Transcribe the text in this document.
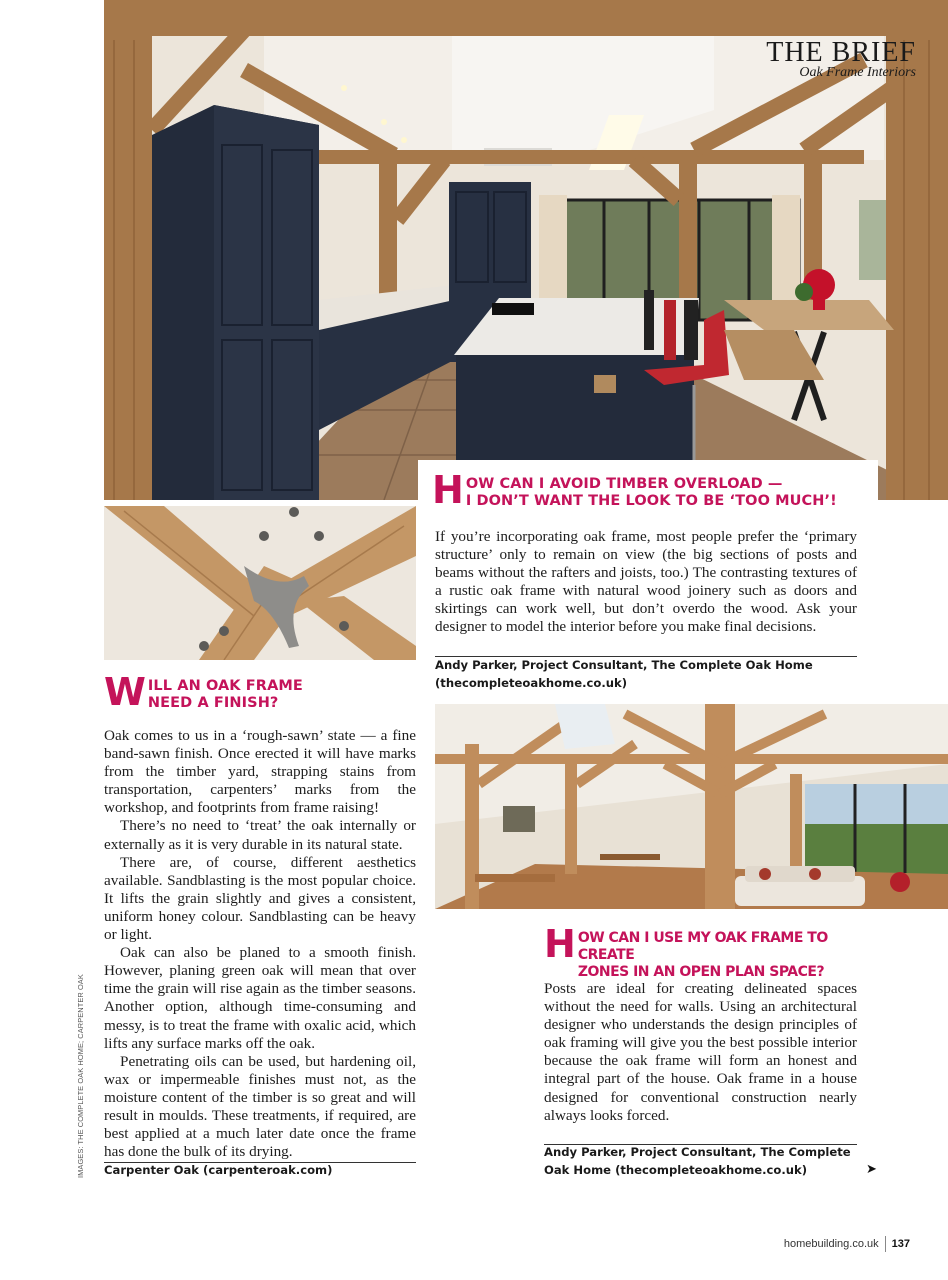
THE BRIEF
Oak Frame Interiors
H OW CAN I AVOID TIMBER OVERLOAD —
I DON’T WANT THE LOOK TO BE ‘TOO MUCH’!

If you’re incorporating oak frame, most people prefer the ‘primary structure’ only to remain on view (the big sections of posts and beams without the rafters and joists, too.) The contrasting textures of a rustic oak frame with natural wood joinery such as doors and skirtings can work well, but don’t overdo the wood. Ask your designer to model the interior before you make final decisions.

Andy Parker, Project Consultant, The Complete Oak Home
(thecompleteoakhome.co.uk)
W ILL AN OAK FRAME
NEED A FINISH?

Oak comes to us in a ‘rough-sawn’ state — a fine band-sawn finish. Once erected it will have marks from the timber yard, strapping stains from transportation, carpenters’ marks from the workshop, and footprints from frame raising!

There’s no need to ‘treat’ the oak internally or externally as it is very durable in its natural state.

There are, of course, different aesthetics available. Sandblasting is the most popular choice. It lifts the grain slightly and gives a consistent, uniform honey colour. Sandblasting can be heavy or light.

Oak can also be planed to a smooth finish. However, planing green oak will mean that over time the grain will rise again as the timber seasons. Another option, although time-consuming and messy, is to treat the frame with oxalic acid, which lifts any surface marks off the oak.

Penetrating oils can be used, but hardening oil, wax or impermeable finishes must not, as the moisture content of the timber is so great and will result in moulds. These treatments, if required, are best applied at a much later date once the frame has done the bulk of its drying.

Carpenter Oak (carpenteroak.com)
H OW CAN I USE MY OAK FRAME TO CREATE
ZONES IN AN OPEN PLAN SPACE?

Posts are ideal for creating delineated spaces without the need for walls. Using an architectural designer who understands the design principles of oak framing will give you the best possible interior because the oak frame will form an honest and integral part of the house. Oak frame in a house designed for conventional construction nearly always looks forced.

Andy Parker, Project Consultant, The Complete
Oak Home (thecompleteoakhome.co.uk)	➤
IMAGES: THE COMPLETE OAK HOME; CARPENTER OAK
homebuilding.co.uk 137
